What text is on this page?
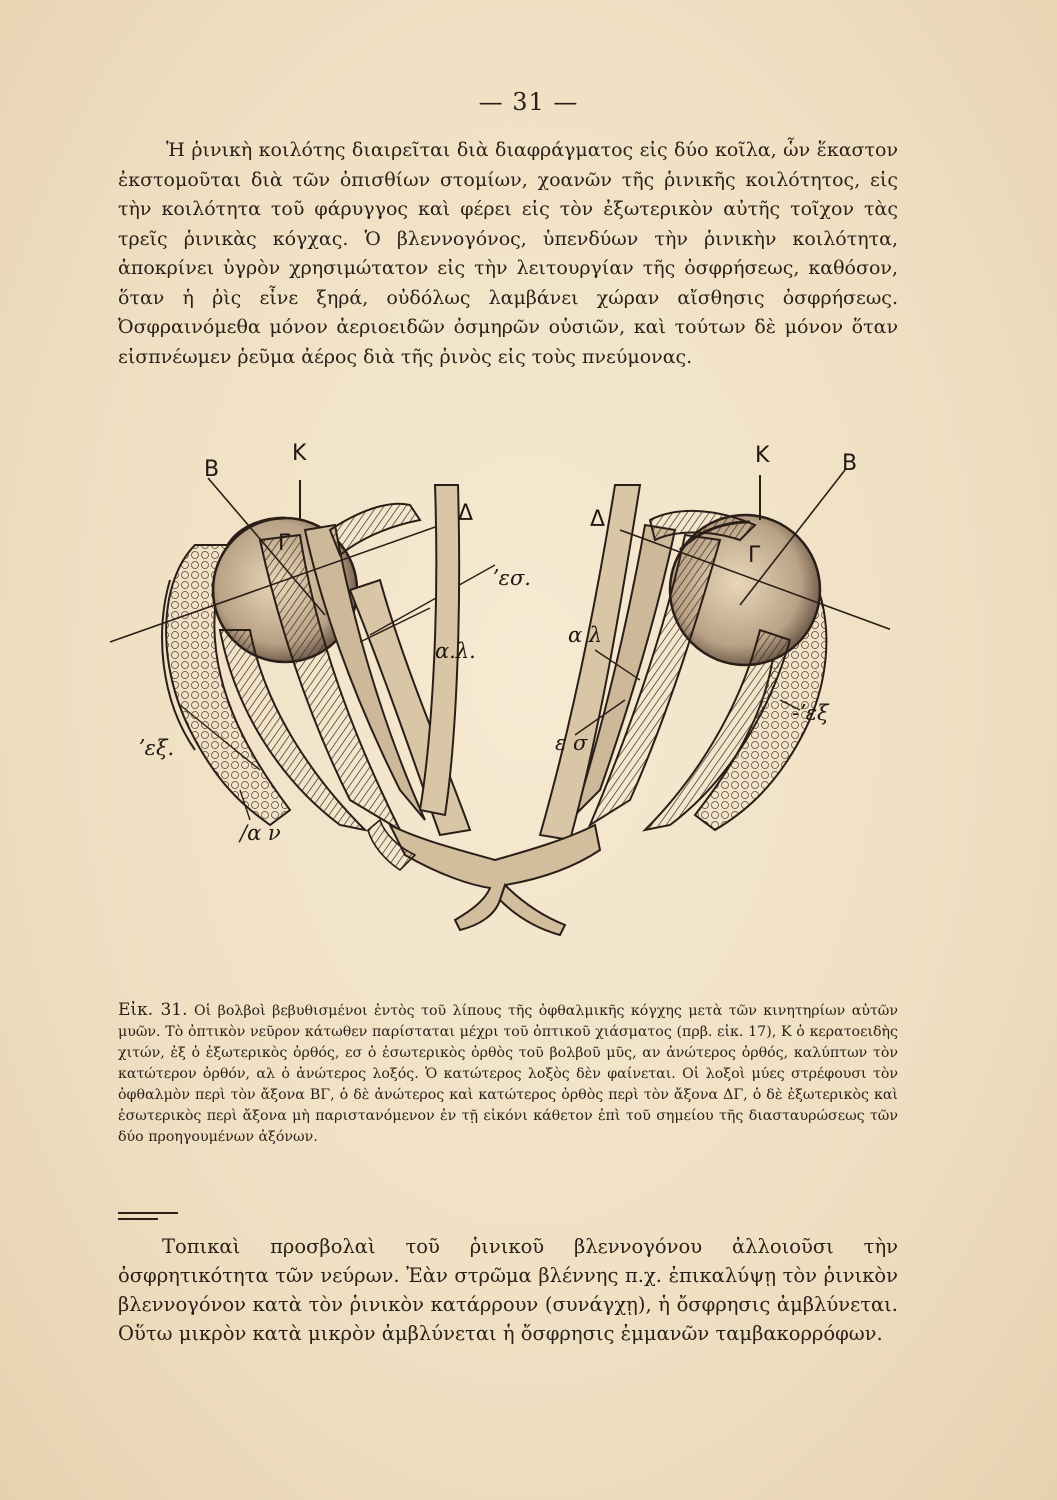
— 31 —

Ἡ ῥινικὴ κοιλότης διαιρεῖται διὰ διαφράγματος εἰς δύο κοῖλα, ὧν ἕκαστον ἐκστομοῦται διὰ τῶν ὀπισθίων στομίων, χοανῶν τῆς ῥινικῆς κοιλότητος, εἰς τὴν κοιλότητα τοῦ φάρυγγος καὶ φέρει εἰς τὸν ἐξωτερικὸν αὐτῆς τοῖχον τὰς τρεῖς ῥινικὰς κόγχας. Ὁ βλεννογόνος, ὑπενδύων τὴν ῥινικὴν κοιλότητα, ἀποκρίνει ὑγρὸν χρησιμώτατον εἰς τὴν λειτουργίαν τῆς ὀσφρήσεως, καθόσον, ὅταν ἡ ῥὶς εἶνε ξηρά, οὐδόλως λαμβάνει χώραν αἴσθησις ὀσφρήσεως. Ὀσφραινόμεθα μόνον ἀεριοειδῶν ὀσμηρῶν οὐσιῶν, καὶ τούτων δὲ μόνον ὅταν εἰσπνέωμεν ῥεῦμα ἀέρος διὰ τῆς ῥινὸς εἰς τοὺς πνεύμονας.

B
K
Γ
Δ
ʼεσ.
α.λ.
ʼεξ.
/α ν
Δ
K	B
Γ
α λ
-ʼεξ
ε σ

Εἰκ. 31. Οἱ βολβοὶ βεβυθισμένοι ἐντὸς τοῦ λίπους τῆς ὀφθαλμικῆς κόγχης μετὰ τῶν κινητηρίων αὐτῶν μυῶν. Τὸ ὀπτικὸν νεῦρον κάτωθεν παρίσταται μέχρι τοῦ ὀπτικοῦ χιάσματος (πρβ. εἰκ. 17), Κ ὁ κερατοειδὴς χιτών, ἐξ ὁ ἐξωτερικὸς ὀρθός, εσ ὁ ἐσωτερικὸς ὀρθὸς τοῦ βολβοῦ μῦς, αν ἀνώτερος ὀρθός, καλύπτων τὸν κατώτερον ὀρθόν, αλ ὁ ἀνώτερος λοξός. Ὁ κατώτερος λοξὸς δὲν φαίνεται. Οἱ λοξοὶ μύες στρέφουσι τὸν ὀφθαλμὸν περὶ τὸν ἄξονα ΒΓ, ὁ δὲ ἀνώτερος καὶ κατώτερος ὀρθὸς περὶ τὸν ἄξονα ΔΓ, ὁ δὲ ἐξωτερικὸς καὶ ἐσωτερικὸς περὶ ἄξονα μὴ παριστανόμενον ἐν τῇ εἰκόνι κάθετον ἐπὶ τοῦ σημείου τῆς διασταυρώσεως τῶν δύο προηγουμένων ἀξόνων.

Τοπικαὶ προσβολαὶ τοῦ ῥινικοῦ βλεννογόνου ἀλλοιοῦσι τὴν ὀσφρητικότητα τῶν νεύρων. Ἐὰν στρῶμα βλέννης π.χ. ἐπικαλύψῃ τὸν ῥινικὸν βλεννογόνον κατὰ τὸν ῥινικὸν κατάρρουν (συνάγχῃ), ἡ ὄσφρησις ἀμβλύνεται. Οὕτω μικρὸν κατὰ μικρὸν ἀμβλύνεται ἡ ὄσφρησις ἐμμανῶν ταμβακορρόφων.
